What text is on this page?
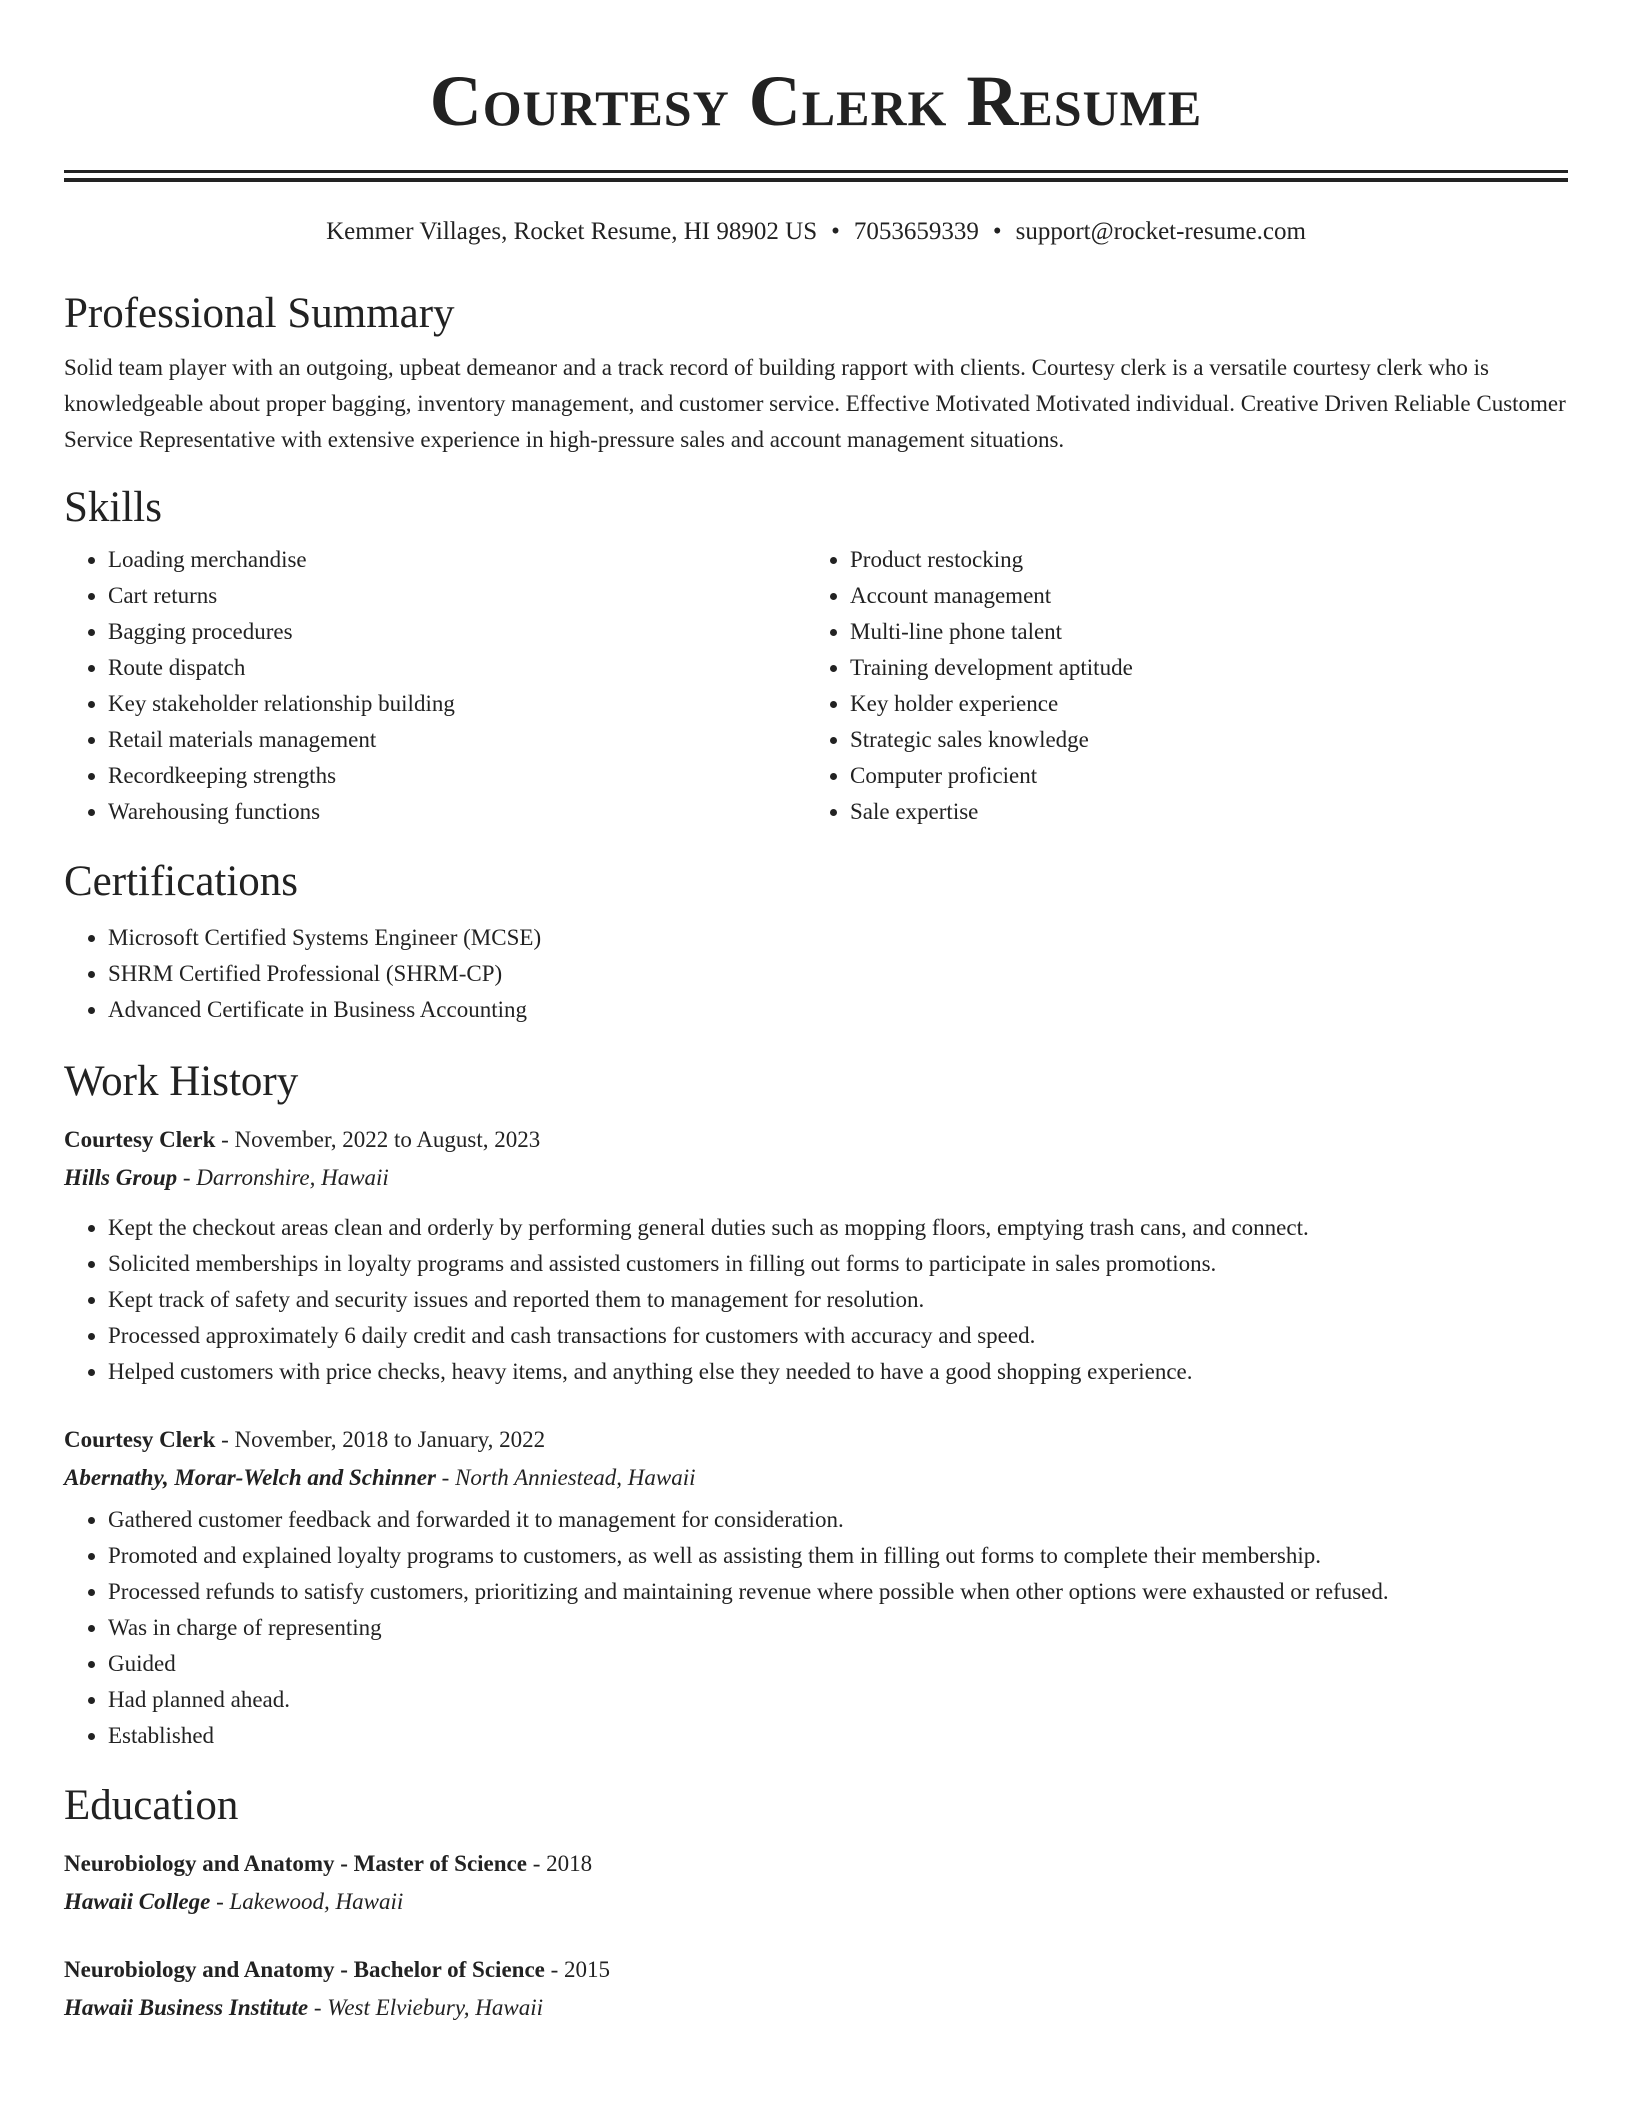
Courtesy Clerk Resume
Kemmer Villages, Rocket Resume, HI 98902 US • 7053659339 • support@rocket-resume.com
Professional Summary

Solid team player with an outgoing, upbeat demeanor and a track record of building rapport with clients. Courtesy clerk is a versatile courtesy clerk who is knowledgeable about proper bagging, inventory management, and customer service. Effective Motivated Motivated individual. Creative Driven Reliable Customer Service Representative with extensive experience in high-pressure sales and account management situations.

Skills
• Loading merchandise
• Cart returns
• Bagging procedures
• Route dispatch
• Key stakeholder relationship building
• Retail materials management
• Recordkeeping strengths
• Warehousing functions
• Product restocking
• Account management
• Multi-line phone talent
• Training development aptitude
• Key holder experience
• Strategic sales knowledge
• Computer proficient
• Sale expertise
Certifications
• Microsoft Certified Systems Engineer (MCSE)
• SHRM Certified Professional (SHRM-CP)
• Advanced Certificate in Business Accounting
Work History

Courtesy Clerk - November, 2022 to August, 2023

Hills Group - Darronshire, Hawaii

• Kept the checkout areas clean and orderly by performing general duties such as mopping floors, emptying trash cans, and connect.
• Solicited memberships in loyalty programs and assisted customers in filling out forms to participate in sales promotions.
• Kept track of safety and security issues and reported them to management for resolution.
• Processed approximately 6 daily credit and cash transactions for customers with accuracy and speed.
• Helped customers with price checks, heavy items, and anything else they needed to have a good shopping experience.

Courtesy Clerk - November, 2018 to January, 2022

Abernathy, Morar-Welch and Schinner - North Anniestead, Hawaii

• Gathered customer feedback and forwarded it to management for consideration.
• Promoted and explained loyalty programs to customers, as well as assisting them in filling out forms to complete their membership.
• Processed refunds to satisfy customers, prioritizing and maintaining revenue where possible when other options were exhausted or refused.
• Was in charge of representing
• Guided
• Had planned ahead.
• Established
Education

Neurobiology and Anatomy - Master of Science - 2018

Hawaii College - Lakewood, Hawaii

Neurobiology and Anatomy - Bachelor of Science - 2015

Hawaii Business Institute - West Elviebury, Hawaii
